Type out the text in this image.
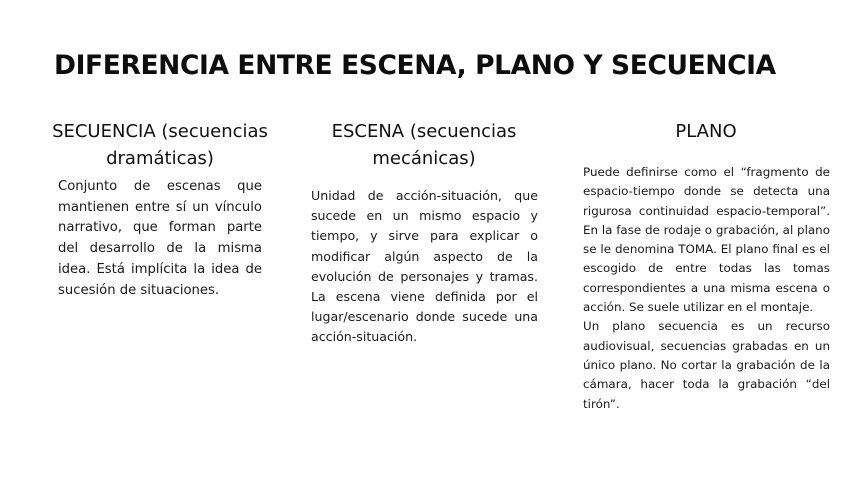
DIFERENCIA ENTRE ESCENA, PLANO Y SECUENCIA
SECUENCIA (secuencias dramáticas)
Conjunto de escenas que mantienen entre sí un vínculo narrativo, que forman parte del desarrollo de la misma idea. Está implícita la idea de sucesión de situaciones.
ESCENA (secuencias mecánicas)
Unidad de acción-situación, que sucede en un mismo espacio y tiempo, y sirve para explicar o modificar algún aspecto de la evolución de personajes y tramas. La escena viene definida por el lugar/escenario donde sucede una acción-situación.
PLANO
Puede definirse como el “fragmento de espacio-tiempo donde se detecta una rigurosa continuidad espacio-temporal”. En la fase de rodaje o grabación, al plano se le denomina TOMA. El plano final es el escogido de entre todas las tomas correspondientes a una misma escena o acción. Se suele utilizar en el montaje.
Un plano secuencia es un recurso audiovisual, secuencias grabadas en un único plano. No cortar la grabación de la cámara, hacer toda la grabación “del tirón”.
